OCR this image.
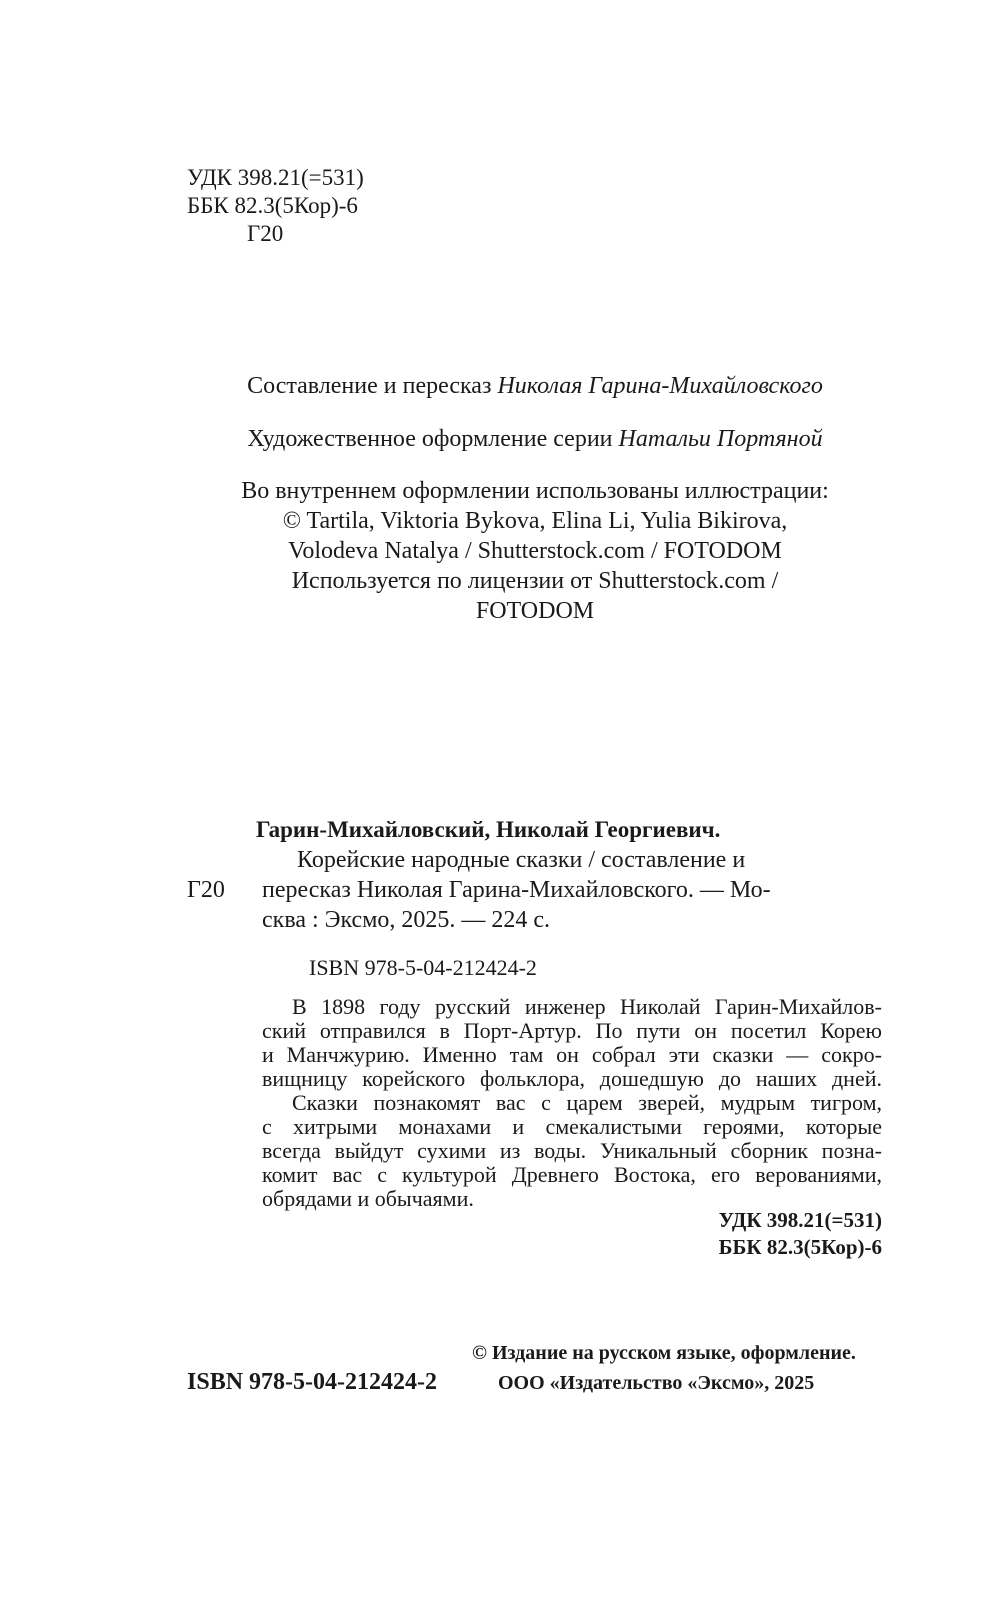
УДК 398.21(=531)
ББК 82.3(5Кор)-6
Г20
Составление и пересказ Николая Гарина-Михайловского
Художественное оформление серии Натальи Портяной
Во внутреннем оформлении использованы иллюстрации:
© Tartila, Viktoria Bykova, Elina Li, Yulia Bikirova,
Volodeva Natalya / Shutterstock.com / FOTODOM
Используется по лицензии от Shutterstock.com /
FOTODOM
Гарин-Михайловский, Николай Георгиевич.
Г20
Корейские народные сказки / составление и
пересказ Николая Гарина-Михайловского. — Мо-
сква : Эксмо, 2025. — 224 с.
ISBN 978-5-04-212424-2
В 1898 году русский инженер Николай Гарин-Михайлов-
ский отправился в Порт-Артур. По пути он посетил Корею
и Манчжурию. Именно там он собрал эти сказки — сокро-
вищницу корейского фольклора, дошедшую до наших дней.
Сказки познакомят вас с царем зверей, мудрым тигром,
с хитрыми монахами и смекалистыми героями, которые
всегда выйдут сухими из воды. Уникальный сборник позна-
комит вас с культурой Древнего Востока, его верованиями,
обрядами и обычаями.
УДК 398.21(=531)
ББК 82.3(5Кор)-6
ISBN 978-5-04-212424-2
© Издание на русском языке, оформление.
ООО «Издательство «Эксмо», 2025
